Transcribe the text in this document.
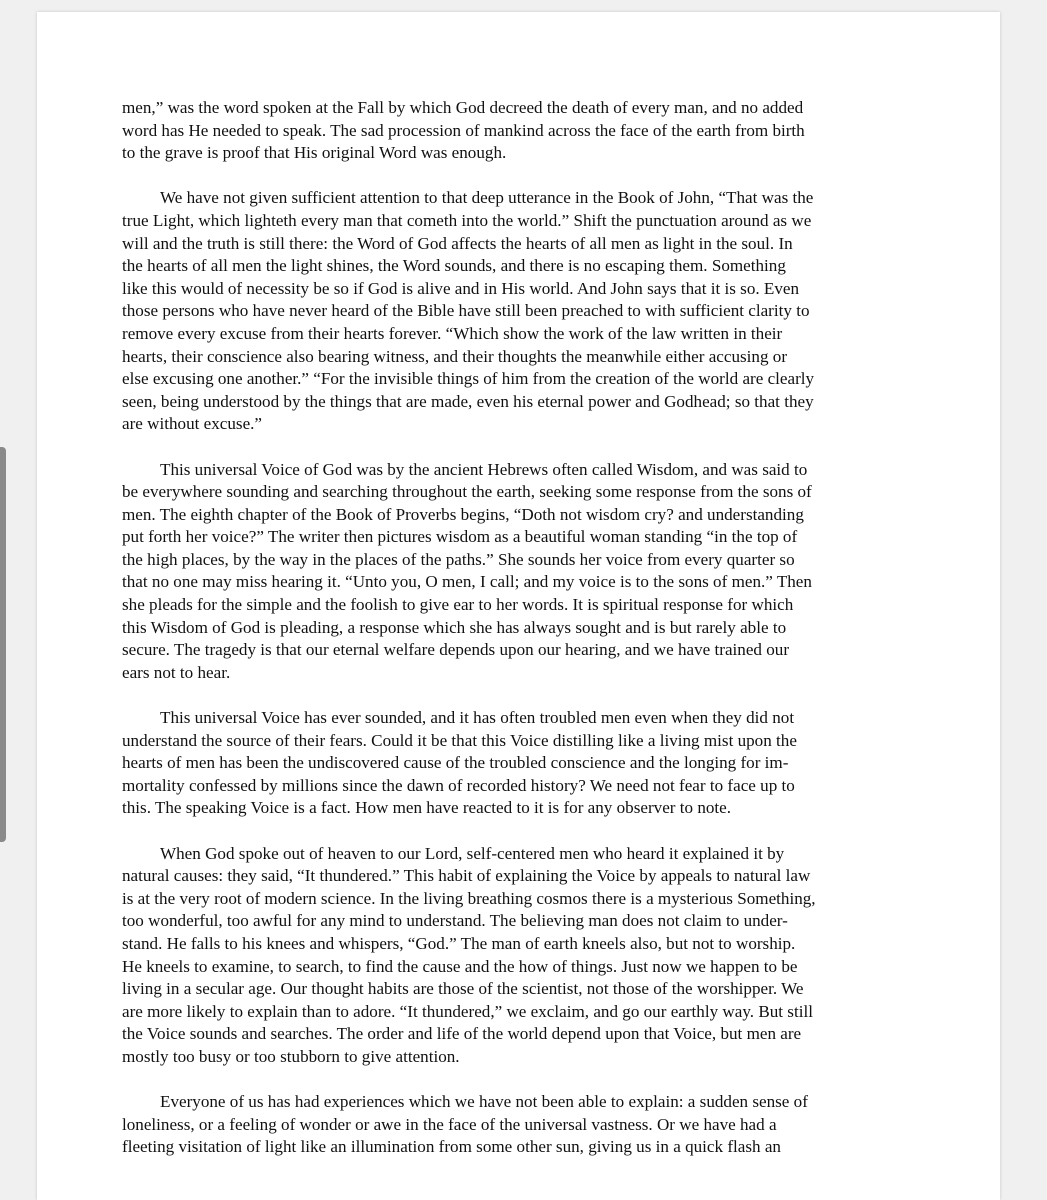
men,” was the word spoken at the Fall by which God decreed the death of every man, and no added
word has He needed to speak. The sad procession of mankind across the face of the earth from birth
to the grave is proof that His original Word was enough.

We have not given sufficient attention to that deep utterance in the Book of John, “That was the
true Light, which lighteth every man that cometh into the world.” Shift the punctuation around as we
will and the truth is still there: the Word of God affects the hearts of all men as light in the soul. In
the hearts of all men the light shines, the Word sounds, and there is no escaping them. Something
like this would of necessity be so if God is alive and in His world. And John says that it is so. Even
those persons who have never heard of the Bible have still been preached to with sufficient clarity to
remove every excuse from their hearts forever. “Which show the work of the law written in their
hearts, their conscience also bearing witness, and their thoughts the meanwhile either accusing or
else excusing one another.” “For the invisible things of him from the creation of the world are clearly
seen, being understood by the things that are made, even his eternal power and Godhead; so that they
are without excuse.”

This universal Voice of God was by the ancient Hebrews often called Wisdom, and was said to
be everywhere sounding and searching throughout the earth, seeking some response from the sons of
men. The eighth chapter of the Book of Proverbs begins, “Doth not wisdom cry? and understanding
put forth her voice?” The writer then pictures wisdom as a beautiful woman standing “in the top of
the high places, by the way in the places of the paths.” She sounds her voice from every quarter so
that no one may miss hearing it. “Unto you, O men, I call; and my voice is to the sons of men.” Then
she pleads for the simple and the foolish to give ear to her words. It is spiritual response for which
this Wisdom of God is pleading, a response which she has always sought and is but rarely able to
secure. The tragedy is that our eternal welfare depends upon our hearing, and we have trained our
ears not to hear.

This universal Voice has ever sounded, and it has often troubled men even when they did not
understand the source of their fears. Could it be that this Voice distilling like a living mist upon the
hearts of men has been the undiscovered cause of the troubled conscience and the longing for im-
mortality confessed by millions since the dawn of recorded history? We need not fear to face up to
this. The speaking Voice is a fact. How men have reacted to it is for any observer to note.

When God spoke out of heaven to our Lord, self-centered men who heard it explained it by
natural causes: they said, “It thundered.” This habit of explaining the Voice by appeals to natural law
is at the very root of modern science. In the living breathing cosmos there is a mysterious Something,
too wonderful, too awful for any mind to understand. The believing man does not claim to under-
stand. He falls to his knees and whispers, “God.” The man of earth kneels also, but not to worship.
He kneels to examine, to search, to find the cause and the how of things. Just now we happen to be
living in a secular age. Our thought habits are those of the scientist, not those of the worshipper. We
are more likely to explain than to adore. “It thundered,” we exclaim, and go our earthly way. But still
the Voice sounds and searches. The order and life of the world depend upon that Voice, but men are
mostly too busy or too stubborn to give attention.

Everyone of us has had experiences which we have not been able to explain: a sudden sense of
loneliness, or a feeling of wonder or awe in the face of the universal vastness. Or we have had a
fleeting visitation of light like an illumination from some other sun, giving us in a quick flash an
